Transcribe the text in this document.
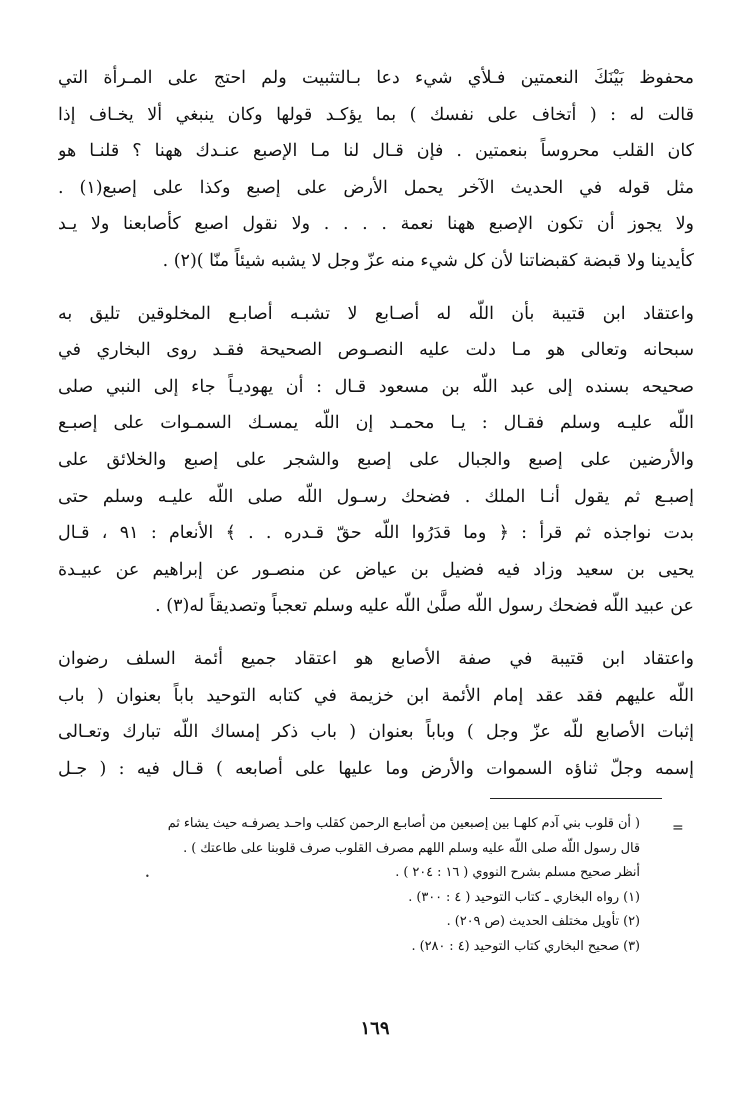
محفوظ بَيْنَكَ النعمتين فـلأي شيء دعا بـالتثبيت ولم احتج على المـرأة التي
قالت له : ( أتخاف على نفسك ) بما يؤكـد قولها وكان ينبغي ألا يخـاف إذا
كان القلب محروساً بنعمتين . فإن قـال لنا مـا الإصبع عنـدك ههنا ؟ قلنـا هو
مثل قوله في الحديث الآخر يحمل الأرض على إصبع وكذا على إصبع(١) .
ولا يجوز أن تكون الإصبع ههنا نعمة . . . . ولا نقول اصبع كأصابعنا ولا يـد
كأيدينا ولا قبضة كقبضاتنا لأن كل شيء منه عزّ وجل لا يشبه شيئاً منّا )(٢) .
واعتقاد ابن قتيبة بأن اللّه له أصـابع لا تشبـه أصابـع المخلوقين تليق به
سبحانه وتعالى هو مـا دلت عليه النصـوص الصحيحة فقـد روى البخاري في
صحيحه بسنده إلى عبد اللّه بن مسعود قـال : أن يهوديـاً جاء إلى النبي صلى
اللّه عليـه وسلم فقـال : يـا محمـد إن اللّه يمسـك السمـوات على إصبـع
والأرضين على إصبع والجبال على إصبع والشجر على إصبع والخلائق على
إصبـع ثم يقول أنـا الملك . فضحك رسـول اللّه صلى اللّه عليـه وسلم حتى
بدت نواجذه ثم قرأ : ﴿ وما قدَرُوا اللّه حقّ قـدره . . ﴾ الأنعام : ٩١ ، قـال
يحيى بن سعيد وزاد فيه فضيل بن عياض عن منصـور عن إبراهيم عن عبيـدة
عن عبيد اللّه فضحك رسول اللّه صلَّىٰ اللّه عليه وسلم تعجباً وتصديقاً له(٣) .
واعتقاد ابن قتيبة في صفة الأصابع هو اعتقاد جميع أئمة السلف رضوان
اللّه عليهم فقد عقد إمام الأئمة ابن خزيمة في كتابه التوحيد باباً بعنوان ( باب
إثبات الأصابع للّه عزّ وجل ) وباباً بعنوان ( باب ذكر إمساك اللّه تبارك وتعـالى
إسمه وجلّ ثناؤه السموات والأرض وما عليها على أصابعه ) قـال فيه : ( جـل
=
( أن قلوب بني آدم كلهـا بين إصبعين من أصابـع الرحمن كقلب واحـد يصرفـه حيث يشاء ثم
قال رسول اللّه صلى اللّه عليه وسلم اللهم مصرف القلوب صرف قلوبنا على طاعتك ) .
أنظر صحيح مسلم بشرح النووي ( ١٦ : ٢٠٤ ) .
(١) رواه البخاري ـ كتاب التوحيد ( ٤ : ٣٠٠) .
(٢) تأويل مختلف الحديث (ص ٢٠٩) .
(٣) صحيح البخاري كتاب التوحيد (٤ : ٢٨٠) .
•
١٦٩
